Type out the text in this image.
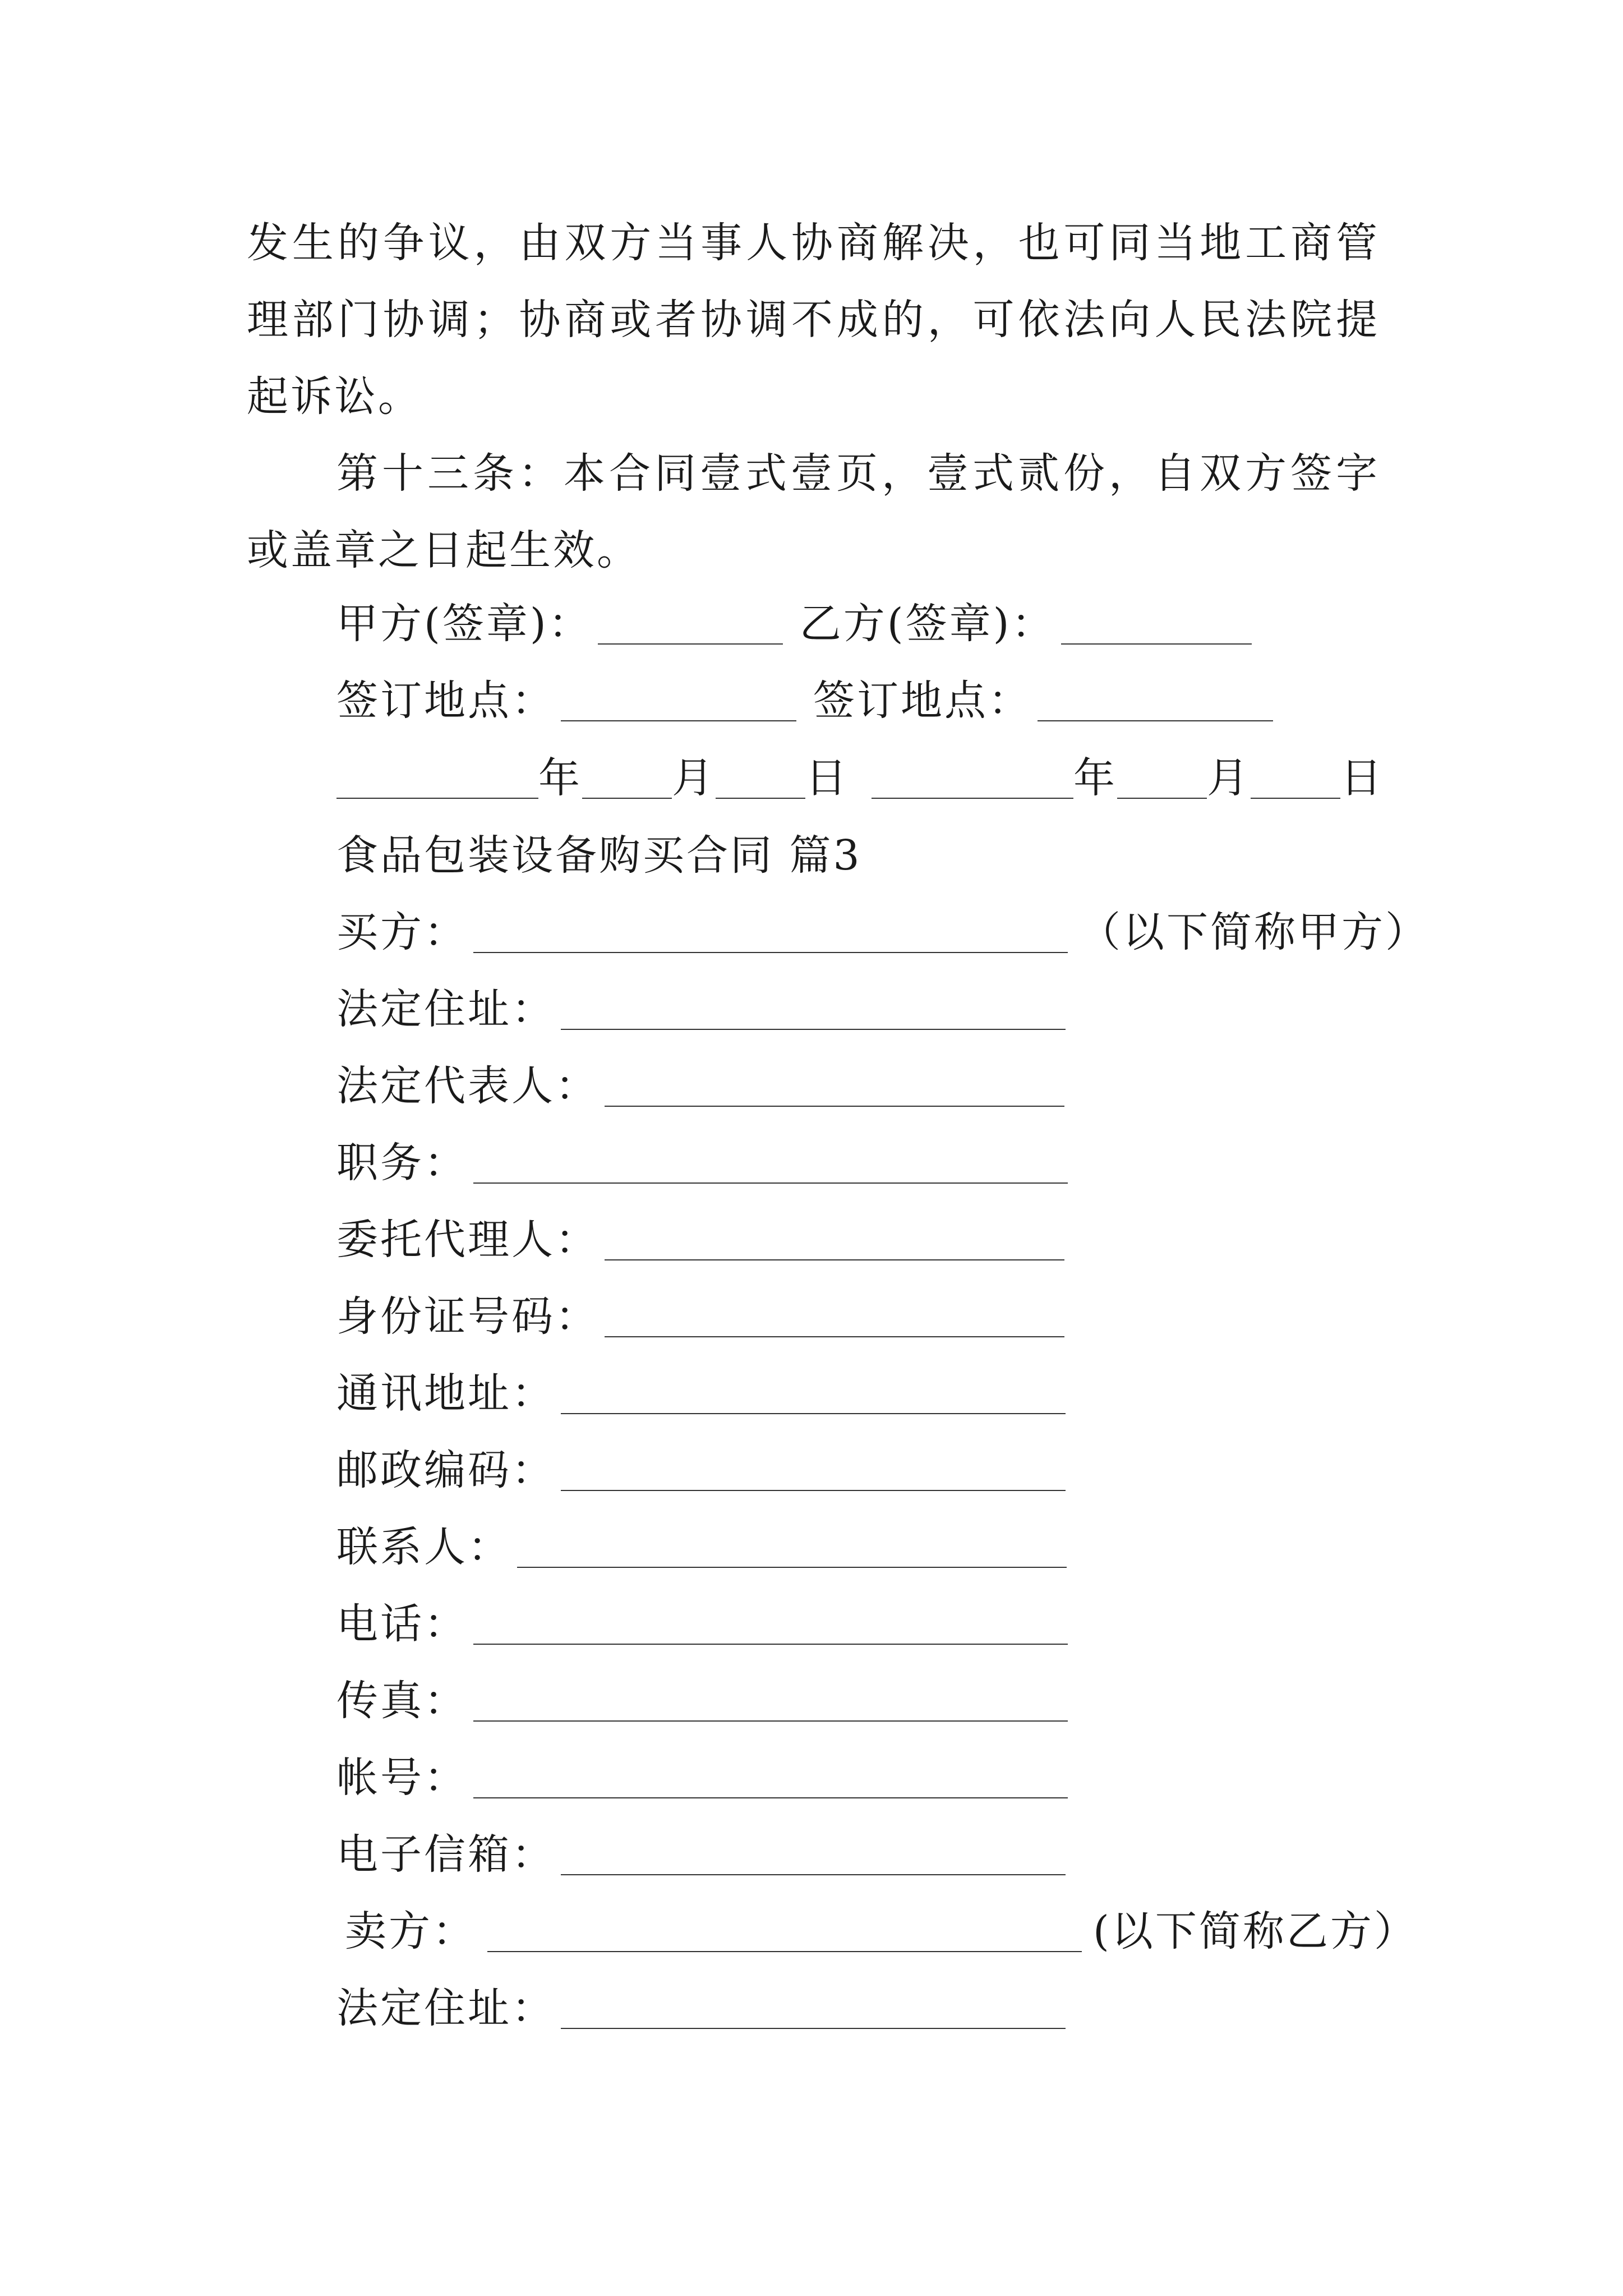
发生的争议，由双方当事人协商解决，也可同当地工商管理部门协调；协商或者协调不成的，可依法向人民法院提起诉讼。

第十三条：本合同壹式壹页，壹式贰份，自双方签字或盖章之日起生效。

甲方(签章)：	乙方(签章)：
签订地点：	签订地点：
年 月 日	年 月 日
食品包装设备购买合同 篇3
买方：	（以下简称甲方）
法定住址：
法定代表人：
职务：
委托代理人：
身份证号码：
通讯地址：
邮政编码：
联系人：
电话：
传真：
帐号：
电子信箱：
卖方：	(以下简称乙方）
法定住址：
